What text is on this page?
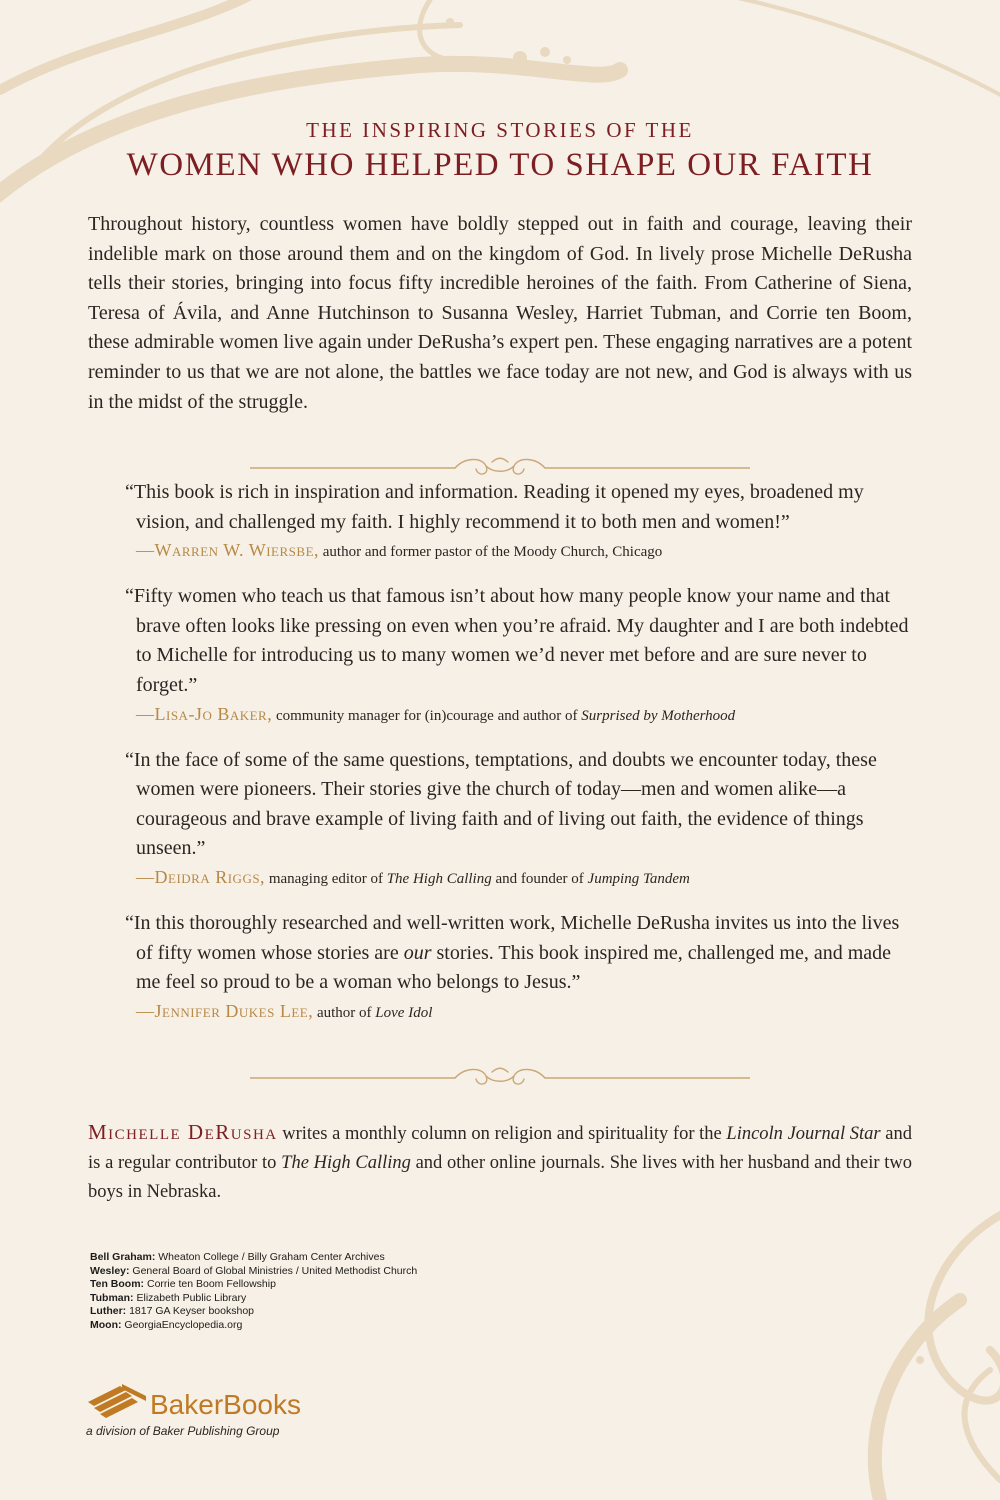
THE INSPIRING STORIES OF THE
WOMEN WHO HELPED TO SHAPE OUR FAITH
Throughout history, countless women have boldly stepped out in faith and courage, leaving their indelible mark on those around them and on the kingdom of God. In lively prose Michelle DeRusha tells their stories, bringing into focus fifty incredible heroines of the faith. From Catherine of Siena, Teresa of Ávila, and Anne Hutchinson to Susanna Wesley, Harriet Tubman, and Corrie ten Boom, these admirable women live again under DeRusha’s expert pen. These engaging narratives are a potent reminder to us that we are not alone, the battles we face today are not new, and God is always with us in the midst of the struggle.
“This book is rich in inspiration and information. Reading it opened my eyes, broadened my vision, and challenged my faith. I highly recommend it to both men and women!”
—Warren W. Wiersbe, author and former pastor of the Moody Church, Chicago
“Fifty women who teach us that famous isn’t about how many people know your name and that brave often looks like pressing on even when you’re afraid. My daughter and I are both indebted to Michelle for introducing us to many women we’d never met before and are sure never to forget.”
—Lisa-Jo Baker, community manager for (in)courage and author of Surprised by Motherhood
“In the face of some of the same questions, temptations, and doubts we encounter today, these women were pioneers. Their stories give the church of today—men and women alike—a courageous and brave example of living faith and of living out faith, the evidence of things unseen.”
—Deidra Riggs, managing editor of The High Calling and founder of Jumping Tandem
“In this thoroughly researched and well-written work, Michelle DeRusha invites us into the lives of fifty women whose stories are our stories. This book inspired me, challenged me, and made me feel so proud to be a woman who belongs to Jesus.”
—Jennifer Dukes Lee, author of Love Idol
Michelle DeRusha writes a monthly column on religion and spirituality for the Lincoln Journal Star and is a regular contributor to The High Calling and other online journals. She lives with her husband and their two boys in Nebraska.
Bell Graham: Wheaton College / Billy Graham Center Archives
Wesley: General Board of Global Ministries / United Methodist Church
Ten Boom: Corrie ten Boom Fellowship
Tubman: Elizabeth Public Library
Luther: 1817 GA Keyser bookshop
Moon: GeorgiaEncyclopedia.org
BakerBooks
a division of Baker Publishing Group
